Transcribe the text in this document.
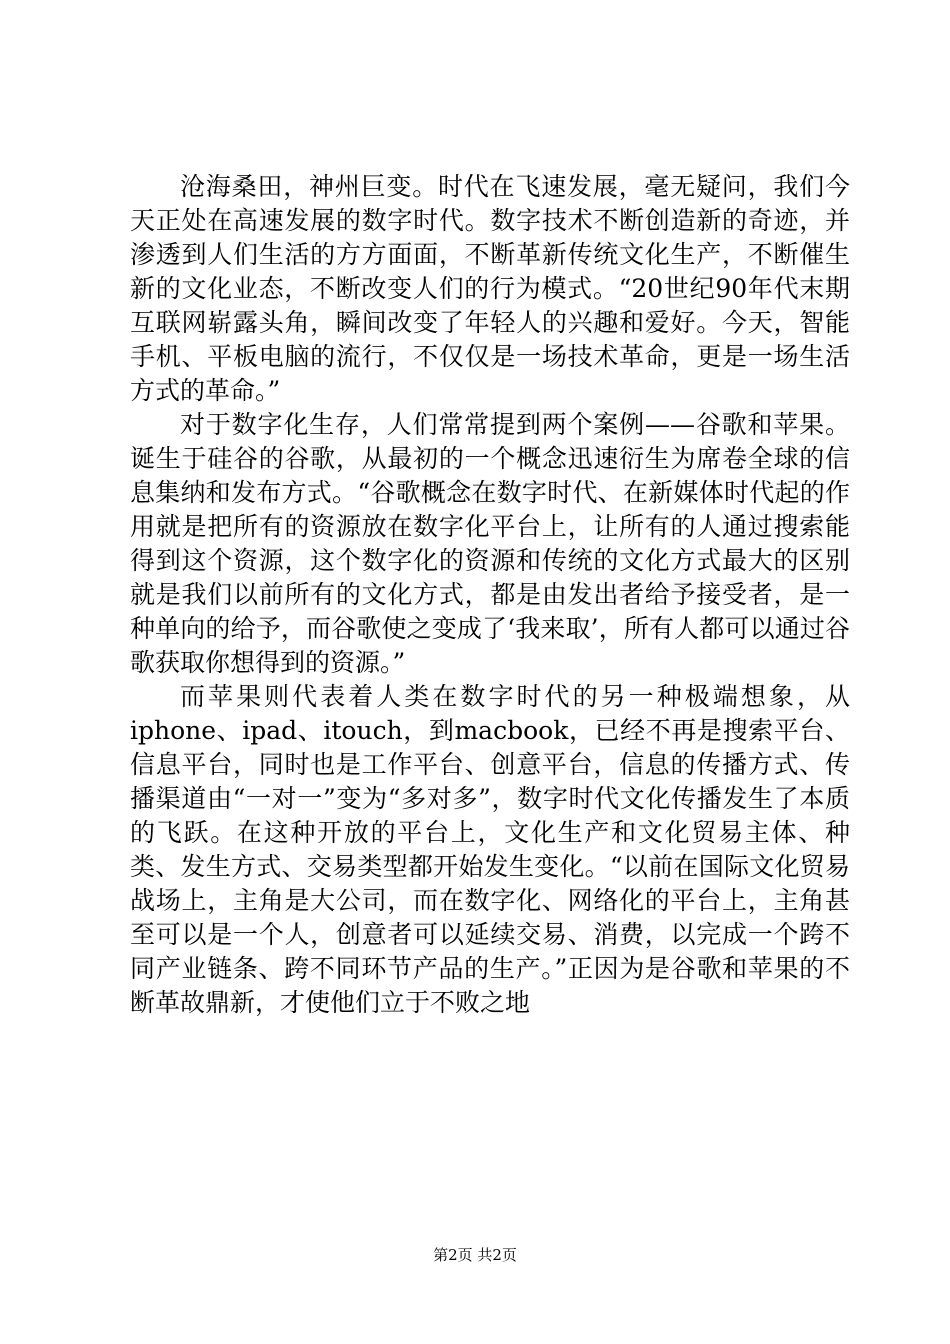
沧海桑田，神州巨变。时代在飞速发展，毫无疑问，我们今天正处在高速发展的数字时代。数字技术不断创造新的奇迹，并渗透到人们生活的方方面面，不断革新传统文化生产，不断催生新的文化业态，不断改变人们的行为模式。“20世纪90年代末期互联网崭露头角，瞬间改变了年轻人的兴趣和爱好。今天，智能手机、平板电脑的流行，不仅仅是一场技术革命，更是一场生活方式的革命。”

对于数字化生存，人们常常提到两个案例——谷歌和苹果。诞生于硅谷的谷歌，从最初的一个概念迅速衍生为席卷全球的信息集纳和发布方式。“谷歌概念在数字时代、在新媒体时代起的作用就是把所有的资源放在数字化平台上，让所有的人通过搜索能得到这个资源，这个数字化的资源和传统的文化方式最大的区别就是我们以前所有的文化方式，都是由发出者给予接受者，是一种单向的给予，而谷歌使之变成了‘我来取’，所有人都可以通过谷歌获取你想得到的资源。”

而苹果则代表着人类在数字时代的另一种极端想象，从iphone、ipad、itouch，到macbook，已经不再是搜索平台、信息平台，同时也是工作平台、创意平台，信息的传播方式、传播渠道由“一对一”变为“多对多”，数字时代文化传播发生了本质的飞跃。在这种开放的平台上，文化生产和文化贸易主体、种类、发生方式、交易类型都开始发生变化。“以前在国际文化贸易战场上，主角是大公司，而在数字化、网络化的平台上，主角甚至可以是一个人，创意者可以延续交易、消费，以完成一个跨不同产业链条、跨不同环节产品的生产。”正因为是谷歌和苹果的不断革故鼎新，才使他们立于不败之地

第2页 共2页
